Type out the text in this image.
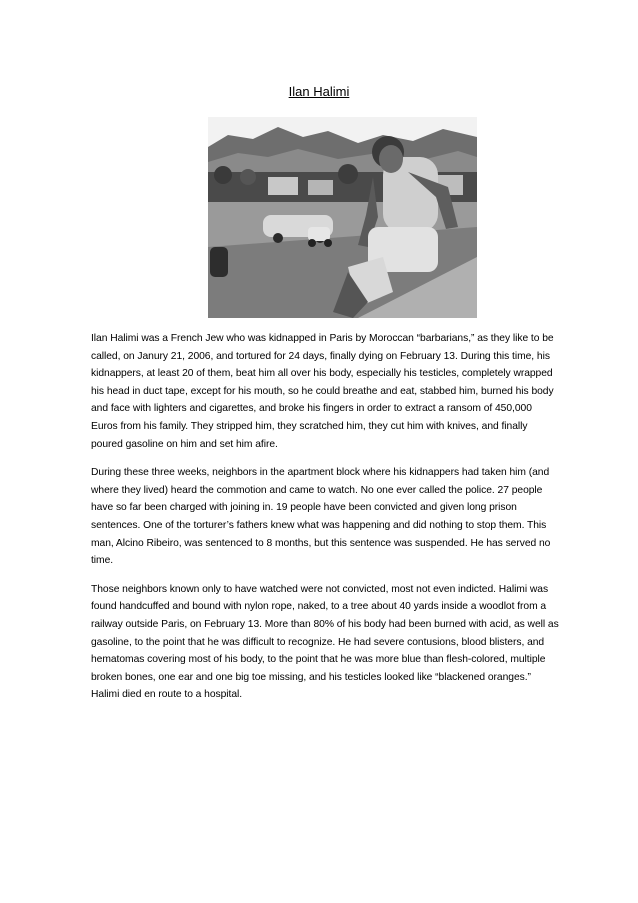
Ilan Halimi

Ilan Halimi was a French Jew who was kidnapped in Paris by Moroccan “barbarians,” as they like to be called, on Janury 21, 2006, and tortured for 24 days, finally dying on February 13. During this time, his kidnappers, at least 20 of them, beat him all over his body, especially his testicles, completely wrapped his head in duct tape, except for his mouth, so he could breathe and eat, stabbed him, burned his body and face with lighters and cigarettes, and broke his fingers in order to extract a ransom of 450,000 Euros from his family. They stripped him, they scratched him, they cut him with knives, and finally poured gasoline on him and set him afire.

During these three weeks, neighbors in the apartment block where his kidnappers had taken him (and where they lived) heard the commotion and came to watch. No one ever called the police. 27 people have so far been charged with joining in. 19 people have been convicted and given long prison sentences. One of the torturer’s fathers knew what was happening and did nothing to stop them. This man, Alcino Ribeiro, was sentenced to 8 months, but this sentence was suspended. He has served no time.

Those neighbors known only to have watched were not convicted, most not even indicted. Halimi was found handcuffed and bound with nylon rope, naked, to a tree about 40 yards inside a woodlot from a railway outside Paris, on February 13. More than 80% of his body had been burned with acid, as well as gasoline, to the point that he was difficult to recognize. He had severe contusions, blood blisters, and hematomas covering most of his body, to the point that he was more blue than flesh-colored, multiple broken bones, one ear and one big toe missing, and his testicles looked like “blackened oranges.” Halimi died en route to a hospital.
